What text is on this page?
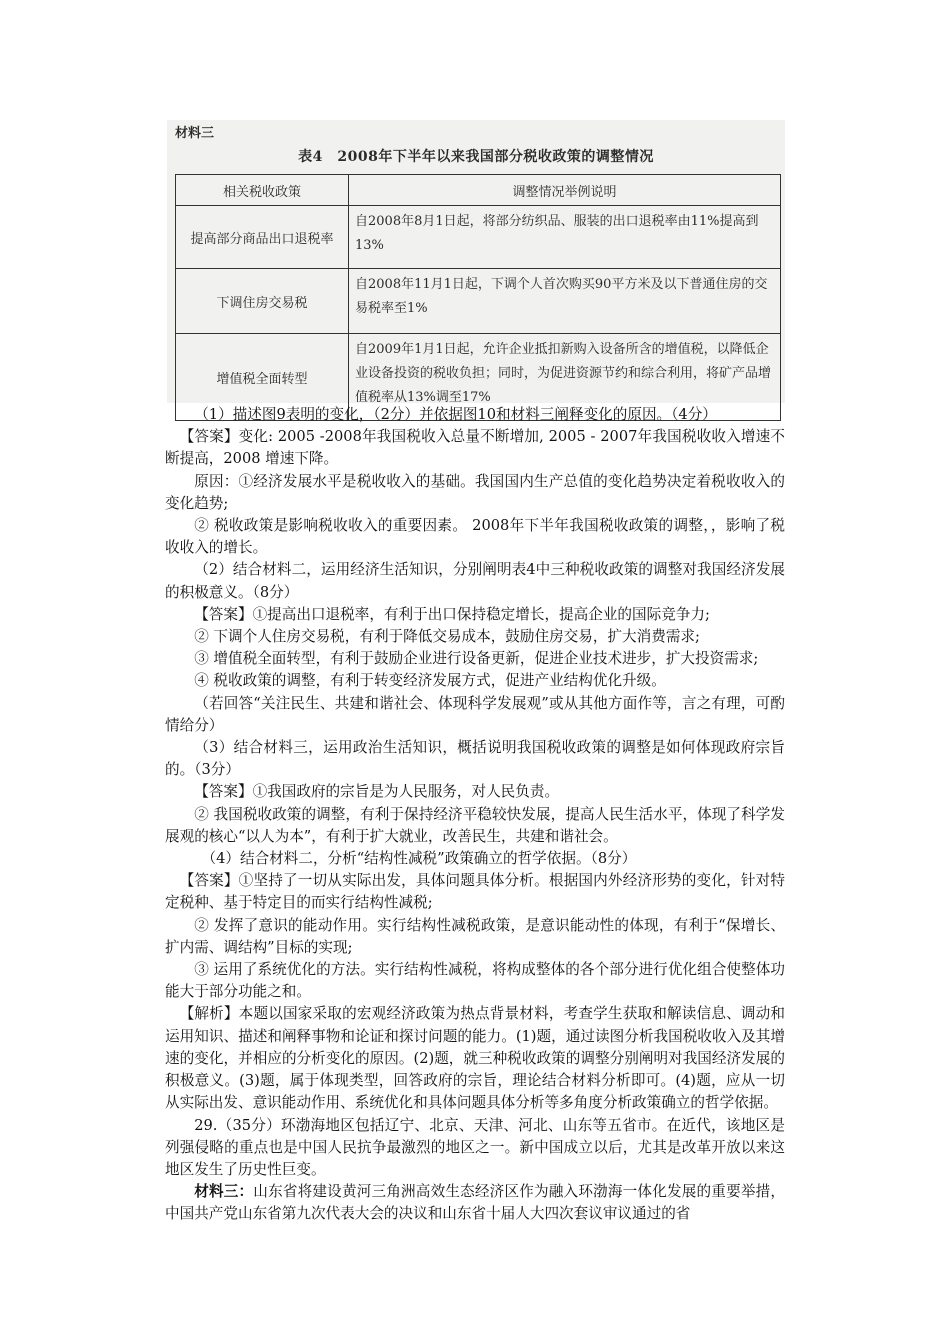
材料三
表4　2008年下半年以来我国部分税收政策的调整情况
相关税收政策	调整情况举例说明
提高部分商品出口退税率	自2008年8月1日起，将部分纺织品、服装的出口退税率由11%提高到13%
下调住房交易税	自2008年11月1日起，下调个人首次购买90平方米及以下普通住房的交易税率至1%
增值税全面转型	自2009年1月1日起，允许企业抵扣新购入设备所含的增值税，以降低企业设备投资的税收负担；同时，为促进资源节约和综合利用，将矿产品增值税率从13%调至17%

（1）描述图9表明的变化，（2分）并依据图10和材料三阐释变化的原因。（4分）

【答案】变化: 2005 -2008年我国税收入总量不断增加, 2005 - 2007年我国税收收入增速不断提高，2008 增速下降。

原因：①经济发展水平是税收收入的基础。我国国内生产总值的变化趋势决定着税收收入的变化趋势;

② 税收政策是影响税收收入的重要因素。 2008年下半年我国税收政策的调整，，影响了税收收入的增长。

（2）结合材料二，运用经济生活知识，分别阐明表4中三种税收政策的调整对我国经济发展的积极意义。（8分）

【答案】①提高出口退税率，有利于出口保持稳定增长，提高企业的国际竞争力;

② 下调个人住房交易税，有利于降低交易成本，鼓励住房交易，扩大消费需求;

③ 增值税全面转型，有利于鼓励企业进行设备更新，促进企业技术进步，扩大投资需求;

④ 税收政策的调整，有利于转变经济发展方式，促进产业结构优化升级。

（若回答“关注民生、共建和谐社会、体现科学发展观”或从其他方面作等，言之有理，可酌情给分）

（3）结合材料三，运用政治生活知识，概括说明我国税收政策的调整是如何体现政府宗旨的。（3分）

【答案】①我国政府的宗旨是为人民服务，对人民负责。

② 我国税收政策的调整，有利于保持经济平稳较快发展，提高人民生活水平，体现了科学发展观的核心“以人为本”，有利于扩大就业，改善民生，共建和谐社会。

（4）结合材料二，分析“结构性减税”政策确立的哲学依据。（8分）

【答案】①坚持了一切从实际出发，具体问题具体分析。根据国内外经济形势的变化，针对特定税种、基于特定目的而实行结构性减税;

② 发挥了意识的能动作用。实行结构性减税政策，是意识能动性的体现，有利于“保增长、扩内需、调结构”目标的实现;

③ 运用了系统优化的方法。实行结构性减税，将构成整体的各个部分进行优化组合使整体功能大于部分功能之和。

【解析】本题以国家采取的宏观经济政策为热点背景材料，考查学生获取和解读信息、调动和运用知识、描述和阐释事物和论证和探讨问题的能力。(1)题，通过读图分析我国税收收入及其增速的变化，并相应的分析变化的原因。(2)题，就三种税收政策的调整分别阐明对我国经济发展的积极意义。(3)题，属于体现类型，回答政府的宗旨，理论结合材料分析即可。(4)题，应从一切从实际出发、意识能动作用、系统优化和具体问题具体分析等多角度分析政策确立的哲学依据。

29.（35分）环渤海地区包括辽宁、北京、天津、河北、山东等五省市。在近代，该地区是列强侵略的重点也是中国人民抗争最激烈的地区之一。新中国成立以后，尤其是改革开放以来这地区发生了历史性巨变。

材料三：山东省将建设黄河三角洲高效生态经济区作为融入环渤海一体化发展的重要举措，中国共产党山东省第九次代表大会的决议和山东省十届人大四次套议审议通过的省
